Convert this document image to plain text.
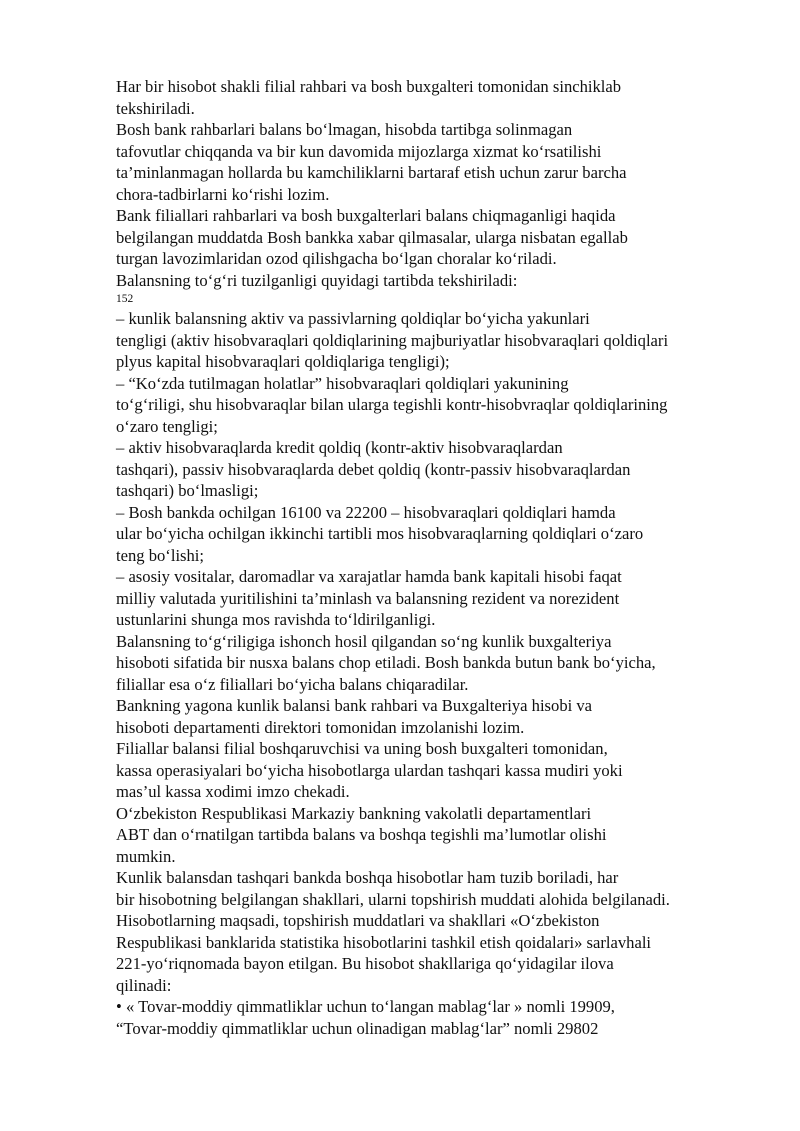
Har bir hisobot shakli filial rahbari va bosh buxgalteri tomonidan sinchiklab
tekshiriladi.
Bosh bank rahbarlari balans bo‘lmagan, hisobda tartibga solinmagan
tafovutlar chiqqanda va bir kun davomida mijozlarga xizmat ko‘rsatilishi
ta’minlanmagan hollarda bu kamchiliklarni bartaraf etish uchun zarur barcha
chora-tadbirlarni ko‘rishi lozim.
Bank filiallari rahbarlari va bosh buxgalterlari balans chiqmaganligi haqida
belgilangan muddatda Bosh bankka xabar qilmasalar, ularga nisbatan egallab
turgan lavozimlaridan ozod qilishgacha bo‘lgan choralar ko‘riladi.
Balansning to‘g‘ri tuzilganligi quyidagi tartibda tekshiriladi:
152
– kunlik balansning aktiv va passivlarning qoldiqlar bo‘yicha yakunlari
tengligi (aktiv hisobvaraqlari qoldiqlarining majburiyatlar hisobvaraqlari qoldiqlari
plyus kapital hisobvaraqlari qoldiqlariga tengligi);
– “Ko‘zda tutilmagan holatlar” hisobvaraqlari qoldiqlari yakunining
to‘g‘riligi, shu hisobvaraqlar bilan ularga tegishli kontr-hisobvraqlar qoldiqlarining
o‘zaro tengligi;
– aktiv hisobvaraqlarda kredit qoldiq (kontr-aktiv hisobvaraqlardan
tashqari), passiv hisobvaraqlarda debet qoldiq (kontr-passiv hisobvaraqlardan
tashqari) bo‘lmasligi;
– Bosh bankda ochilgan 16100 va 22200 – hisobvaraqlari qoldiqlari hamda
ular bo‘yicha ochilgan ikkinchi tartibli mos hisobvaraqlarning qoldiqlari o‘zaro
teng bo‘lishi;
– asosiy vositalar, daromadlar va xarajatlar hamda bank kapitali hisobi faqat
milliy valutada yuritilishini ta’minlash va balansning rezident va norezident
ustunlarini shunga mos ravishda to‘ldirilganligi.
Balansning to‘g‘riligiga ishonch hosil qilgandan so‘ng kunlik buxgalteriya
hisoboti sifatida bir nusxa balans chop etiladi. Bosh bankda butun bank bo‘yicha,
filiallar esa o‘z filiallari bo‘yicha balans chiqaradilar.
Bankning yagona kunlik balansi bank rahbari va Buxgalteriya hisobi va
hisoboti departamenti direktori tomonidan imzolanishi lozim.
Filiallar balansi filial boshqaruvchisi va uning bosh buxgalteri tomonidan,
kassa operasiyalari bo‘yicha hisobotlarga ulardan tashqari kassa mudiri yoki
mas’ul kassa xodimi imzo chekadi.
O‘zbekiston Respublikasi Markaziy bankning vakolatli departamentlari
ABT dan o‘rnatilgan tartibda balans va boshqa tegishli ma’lumotlar olishi
mumkin.
Kunlik balansdan tashqari bankda boshqa hisobotlar ham tuzib boriladi, har
bir hisobotning belgilangan shakllari, ularni topshirish muddati alohida belgilanadi.
Hisobotlarning maqsadi, topshirish muddatlari va shakllari «O‘zbekiston
Respublikasi banklarida statistika hisobotlarini tashkil etish qoidalari» sarlavhali
221-yo‘riqnomada bayon etilgan. Bu hisobot shakllariga qo‘yidagilar ilova
qilinadi:
• « Tovar-moddiy qimmatliklar uchun to‘langan mablag‘lar » nomli 19909,
“Tovar-moddiy qimmatliklar uchun olinadigan mablag‘lar” nomli 29802
